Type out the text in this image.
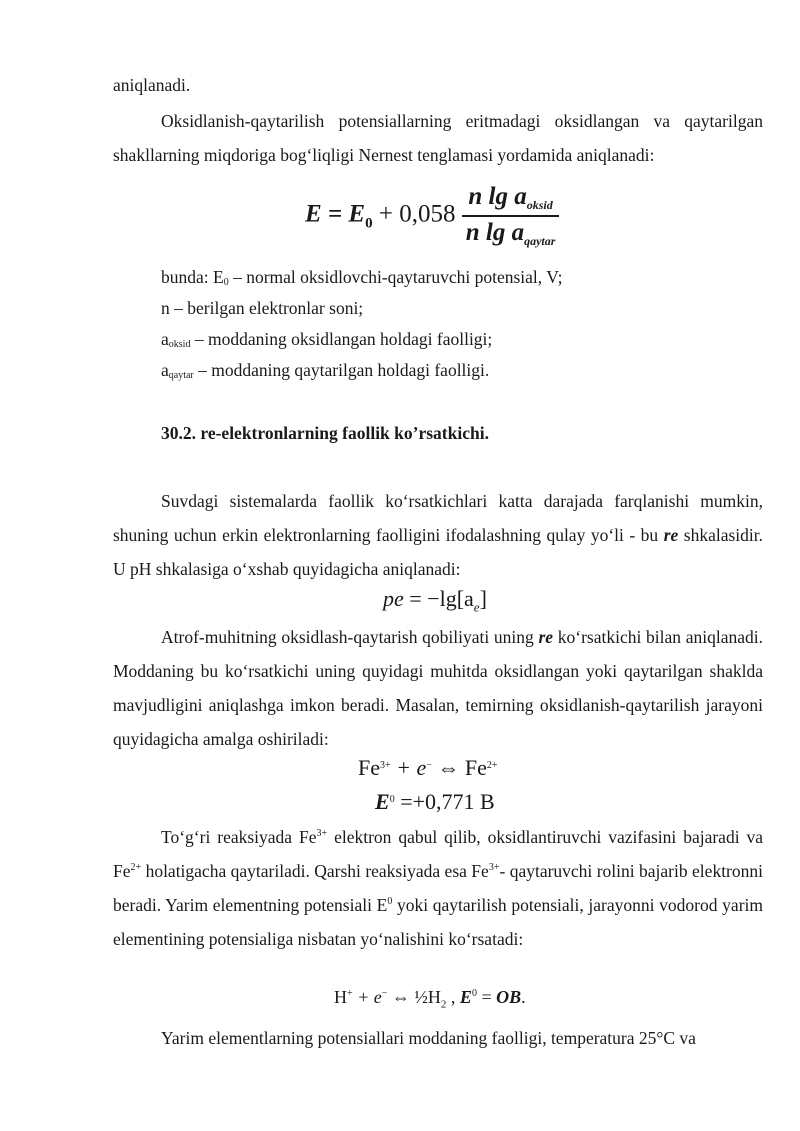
aniqlanadi.

Oksidlanish-qaytarilish potensiallarning eritmadagi oksidlangan va qaytarilgan shakllarning miqdoriga bog‘liqligi Nernest tenglamasi yordamida aniqlanadi:

$E = E_0 + 0,058 \frac{n \lg a_{oksid}}{n \lg a_{qaytar}}$
bunda: $E_0$ – normal oksidlovchi-qaytaruvchi potensial, V;
n – berilgan elektronlar soni;
$a_{oksid}$ – moddaning oksidlangan holdagi faolligi;
$a_{qaytar}$ – moddaning qaytarilgan holdagi faolligi.
30.2. re-elektronlarning faollik ko’rsatkichi.

Suvdagi sistemalarda faollik ko‘rsatkichlari katta darajada farqlanishi mumkin, shuning uchun erkin elektronlarning faolligini ifodalashning qulay yo‘li - bu re shkalasidir. U pH shkalasiga o‘xshab quyidagicha aniqlanadi:

pe = $-\lg[a_e]$

Atrof-muhitning oksidlash-qaytarish qobiliyati uning re ko‘rsatkichi bilan aniqlanadi. Moddaning bu ko‘rsatkichi uning quyidagi muhitda oksidlangan yoki qaytarilgan shaklda mavjudligini aniqlashga imkon beradi. Masalan, temirning oksidlanish-qaytarilish jarayoni quyidagicha amalga oshiriladi:

$Fe^{3+} + e^-$ ⇔ $Fe^{2+}$
$E^0 =+0,771$ B

To‘g‘ri reaksiyada $Fe^{3+}$ elektron qabul qilib, oksidlantiruvchi vazifasini bajaradi va $Fe^{2+}$ holatigacha qaytariladi. Qarshi reaksiyada esa $Fe^{3+}-$ qaytaruvchi rolini bajarib elektronni beradi. Yarim elementning potensiali $E^0$ yoki qaytarilish potensiali, jarayonni vodorod yarim elementining potensialiga nisbatan yo‘nalishini ko‘rsatadi:

H+ + e− ⇔ $\frac{1}{2}H_2$ , $E^0$ = OB.

Yarim elementlarning potensiallari moddaning faolligi, temperatura 25°C va
